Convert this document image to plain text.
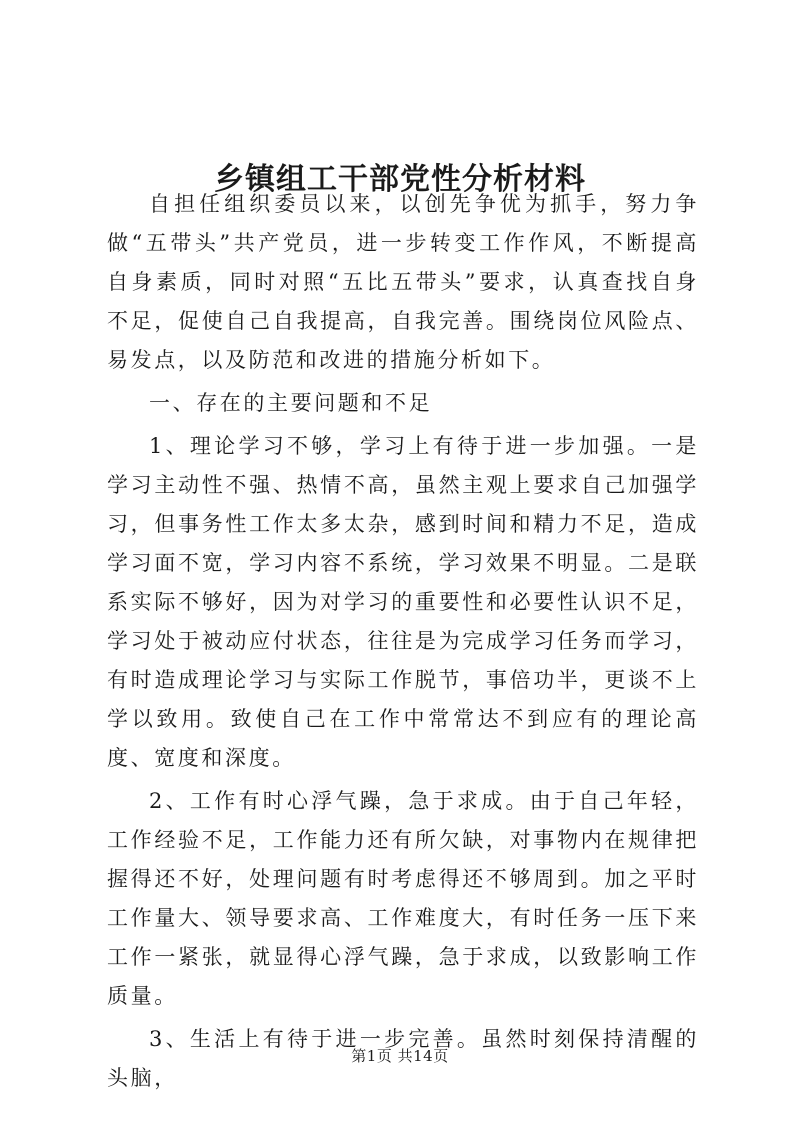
乡镇组工干部党性分析材料

自担任组织委员以来，以创先争优为抓手，努力争做“五带头”共产党员，进一步转变工作作风，不断提高自身素质，同时对照“五比五带头”要求，认真查找自身不足，促使自己自我提高，自我完善。围绕岗位风险点、易发点，以及防范和改进的措施分析如下。

一、存在的主要问题和不足

1、理论学习不够，学习上有待于进一步加强。一是学习主动性不强、热情不高，虽然主观上要求自己加强学习，但事务性工作太多太杂，感到时间和精力不足，造成学习面不宽，学习内容不系统，学习效果不明显。二是联系实际不够好，因为对学习的重要性和必要性认识不足，学习处于被动应付状态，往往是为完成学习任务而学习，有时造成理论学习与实际工作脱节，事倍功半，更谈不上学以致用。致使自己在工作中常常达不到应有的理论高度、宽度和深度。

2、工作有时心浮气躁，急于求成。由于自己年轻，工作经验不足，工作能力还有所欠缺，对事物内在规律把握得还不好，处理问题有时考虑得还不够周到。加之平时工作量大、领导要求高、工作难度大，有时任务一压下来工作一紧张，就显得心浮气躁，急于求成，以致影响工作质量。

3、生活上有待于进一步完善。虽然时刻保持清醒的头脑，

第1页 共14页
